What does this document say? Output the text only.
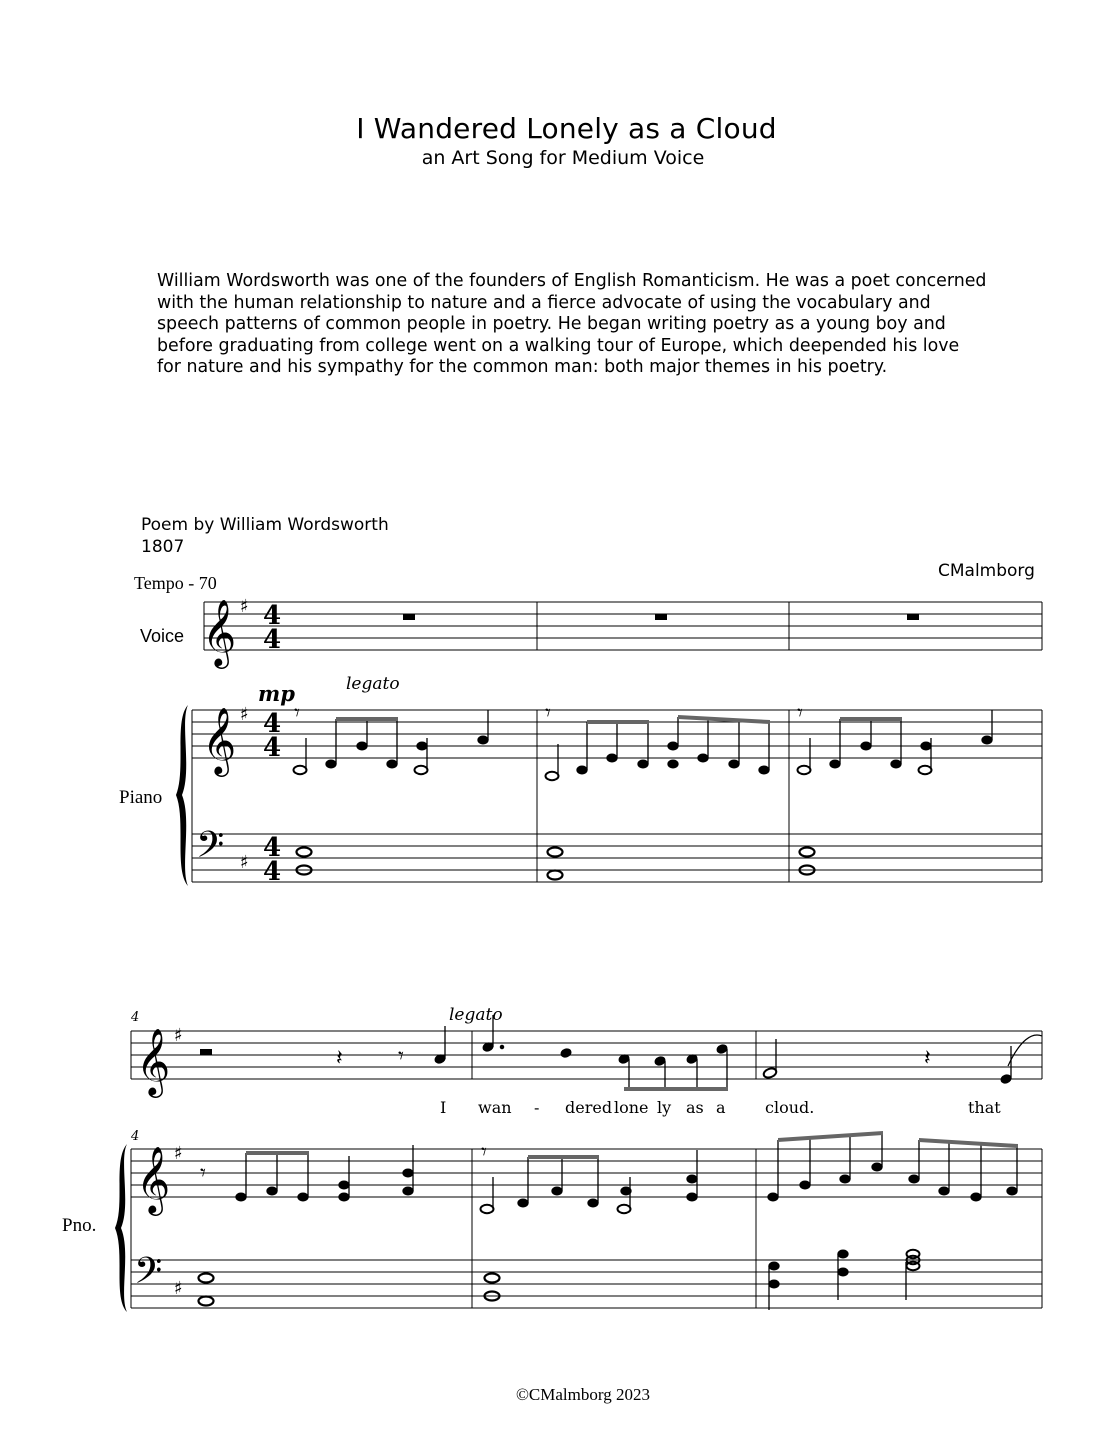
I Wandered Lonely as a Cloud
an Art Song for Medium Voice
William Wordsworth was one of the founders of English Romanticism. He was a poet concerned
with the human relationship to nature and a fierce advocate of using the vocabulary and
speech patterns of common people in poetry. He began writing poetry as a young boy and
before graduating from college went on a walking tour of Europe, which deepended his love
for nature and his sympathy for the common man: both major themes in his poetry.
Poem by William Wordsworth
1807
CMalmborg
Tempo - 70
𝄞
𝄞
𝄢
𝄞
𝄞
𝄢
♯
♯
♯
♯
♯
♯
4
4
4
4
4
4
𝄾	𝄾	𝄾
𝄾
𝄾
𝄽	𝄾	𝄽
mp	legato
legato
4
4
Voice
Piano
Pno.
I wan - dered lone ly as a cloud.	that
©CMalmborg 2023
